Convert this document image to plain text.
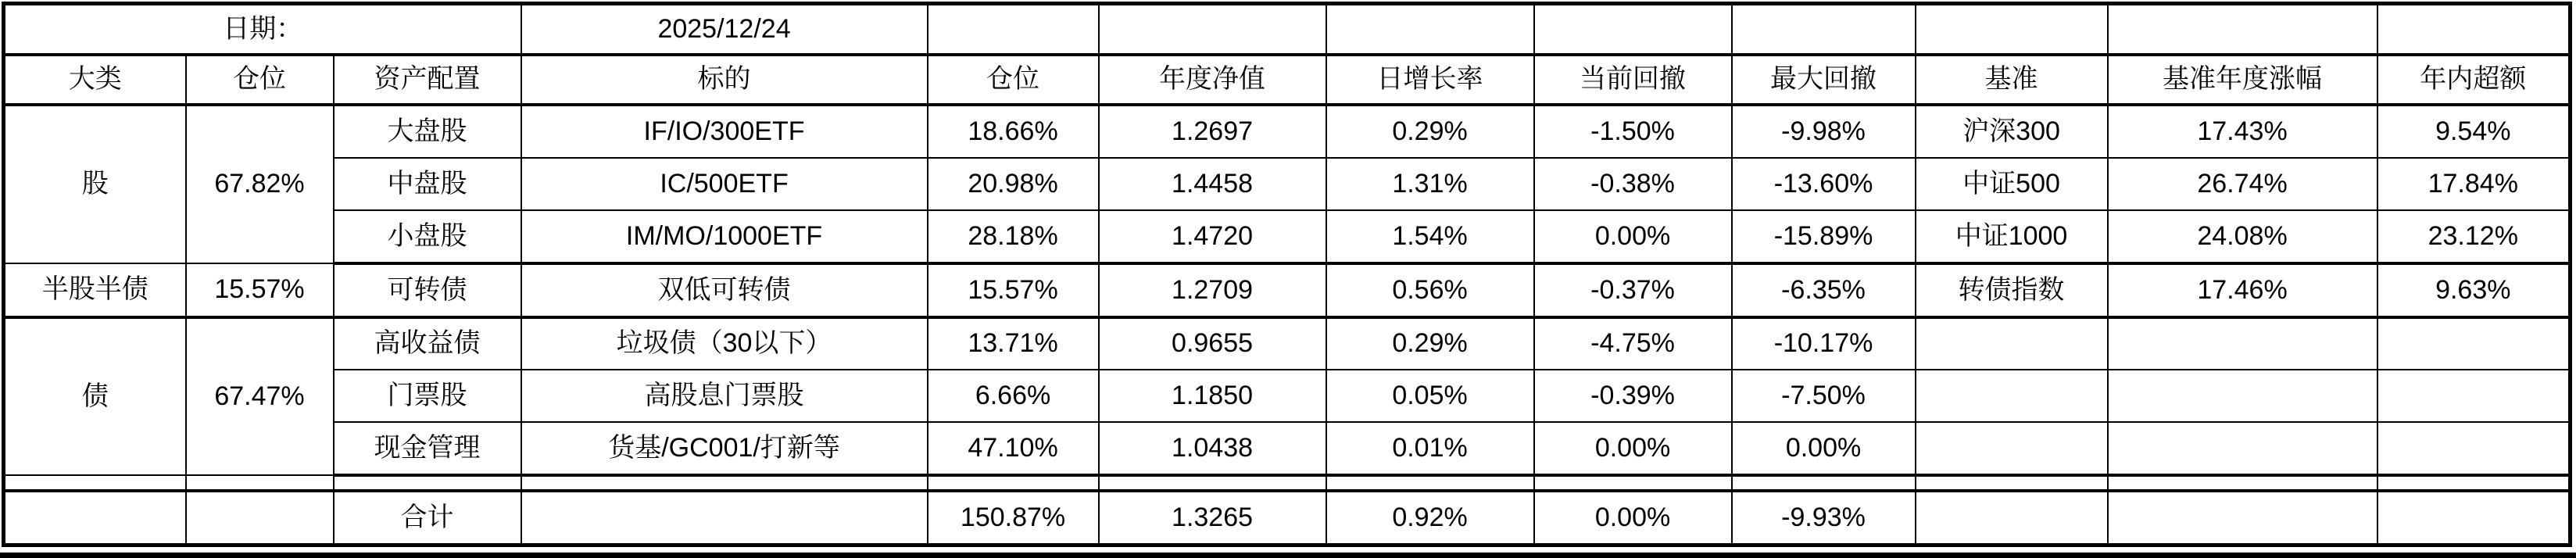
日期：			2025/12/24								
大类	仓位	资产配置	标的	仓位	年度净值	日增长率	当前回撤	最大回撤	基准	基准年度涨幅	年内超额
股	67.82%	大盘股	IF/IO/300ETF	18.66%	1.2697	0.29%	-1.50%	-9.98%	沪深300	17.43%	9.54%
		中盘股	IC/500ETF	20.98%	1.4458	1.31%	-0.38%	-13.60%	中证500	26.74%	17.84%
		小盘股	IM/MO/1000ETF	28.18%	1.4720	1.54%	0.00%	-15.89%	中证1000	24.08%	23.12%
半股半债	15.57%	可转债	双低可转债	15.57%	1.2709	0.56%	-0.37%	-6.35%	转债指数	17.46%	9.63%
债	67.47%	高收益债	垃圾债（30以下）	13.71%	0.9655	0.29%	-4.75%	-10.17%			
		门票股	高股息门票股	6.66%	1.1850	0.05%	-0.39%	-7.50%			
		现金管理	货基/GC001/打新等	47.10%	1.0438	0.01%	0.00%	0.00%			

		合计		150.87%	1.3265	0.92%	0.00%	-9.93%			
